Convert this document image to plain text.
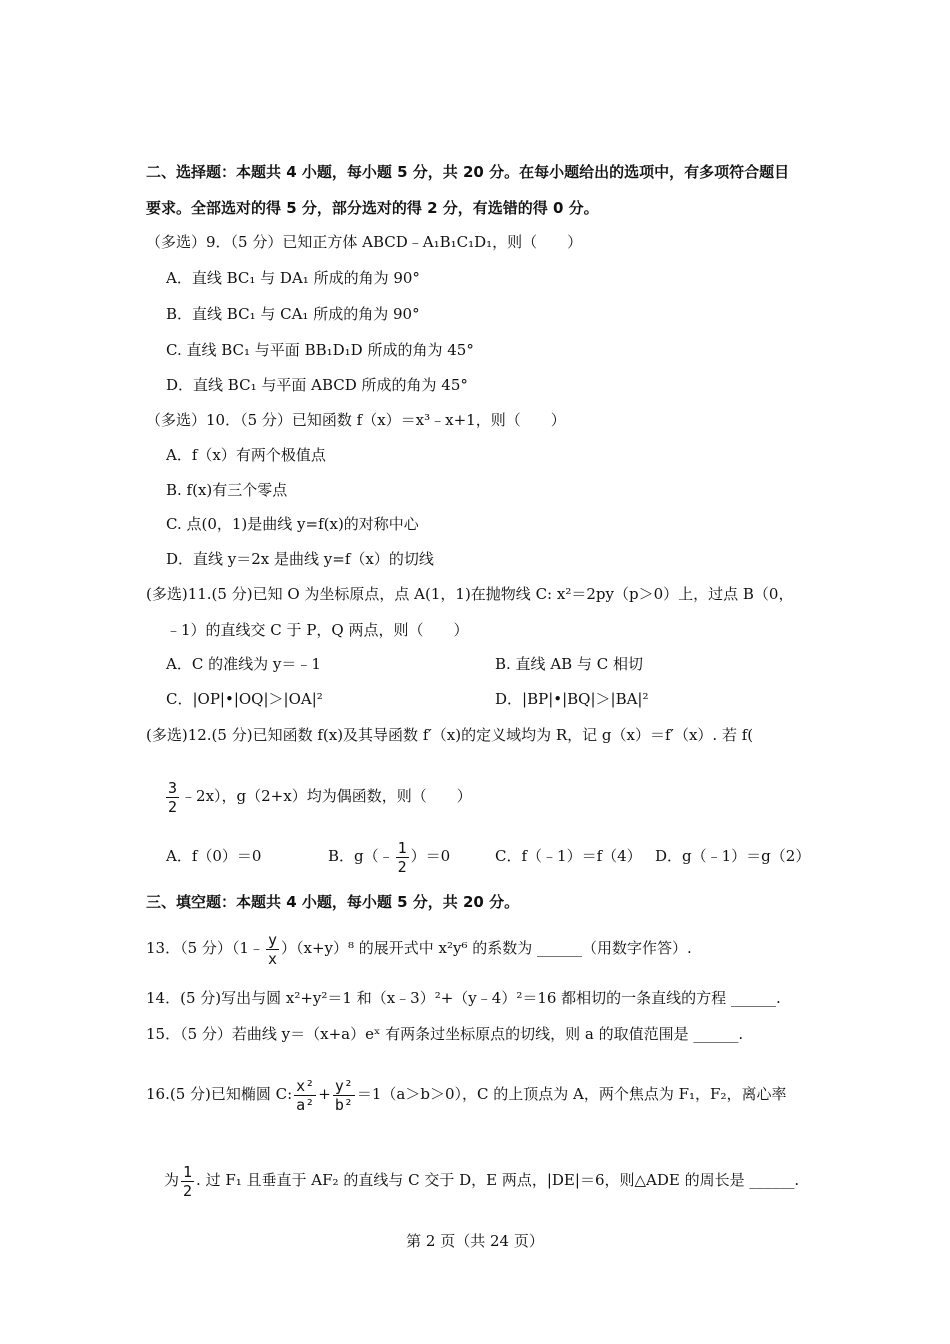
二、选择题：本题共 4 小题，每小题 5 分，共 20 分。在每小题给出的选项中，有多项符合题目
要求。全部选对的得 5 分，部分选对的得 2 分，有选错的得 0 分。
（多选）9．（5 分）已知正方体 ABCD﹣A₁B₁C₁D₁，则（　　）
A．直线 BC₁ 与 DA₁ 所成的角为 90°
B．直线 BC₁ 与 CA₁ 所成的角为 90°
C. 直线 BC₁ 与平面 BB₁D₁D 所成的角为 45°
D．直线 BC₁ 与平面 ABCD 所成的角为 45°
（多选）10．（5 分）已知函数 f（x）＝x³﹣x+1，则（　　）
A．f（x）有两个极值点
B. f(x)有三个零点
C. 点(0，1)是曲线 y=f(x)的对称中心
D．直线 y＝2x 是曲线 y=f（x）的切线
(多选)11.(5 分)已知 O 为坐标原点，点 A(1，1)在抛物线 C: x²＝2py（p＞0）上，过点 B（0，
﹣1）的直线交 C 于 P，Q 两点，则（　　）
A．C 的准线为 y＝﹣1	B. 直线 AB 与 C 相切
C．|OP|•|OQ|＞|OA|²	D．|BP|•|BQ|＞|BA|²
(多选)12.(5 分)已知函数 f(x)及其导函数 f′（x)的定义域均为 R，记 g（x）＝f′（x）. 若 f(
$\frac{3}{2}$ ﹣2x），g（2+x）均为偶函数，则（　　）
A．f（0）＝0	B．g（﹣ $\frac{1}{2} )=0$	C．f（﹣1）＝f（4） D．g（﹣1）＝g（2）
三、填空题：本题共 4 小题，每小题 5 分，共 20 分。
13．（5 分）（1﹣ $\frac{y}{x} )(x+y)^8$ 的展开式中 x²y⁶ 的系数为 ______（用数字作答）.
14．(5 分)写出与圆 x²+y²＝1 和（x﹣3）²+（y﹣4）²＝16 都相切的一条直线的方程 ______.
15．（5 分）若曲线 y＝（x+a）eˣ 有两条过坐标原点的切线，则 a 的取值范围是 ______.
16.(5 分)已知椭圆 C: $\frac{\text{x²}}{\text{a²}} + \frac{\text{y²}}{\text{b²}} =1(a>b>0)$，C 的上顶点为 A，两个焦点为 F₁，F₂，离心率
为 $\frac{1}{2}$ . 过 F₁ 且垂直于 AF₂ 的直线与 C 交于 D，E 两点，|DE|＝6，则△ADE 的周长是 ______.
第 2 页（共 24 页）
